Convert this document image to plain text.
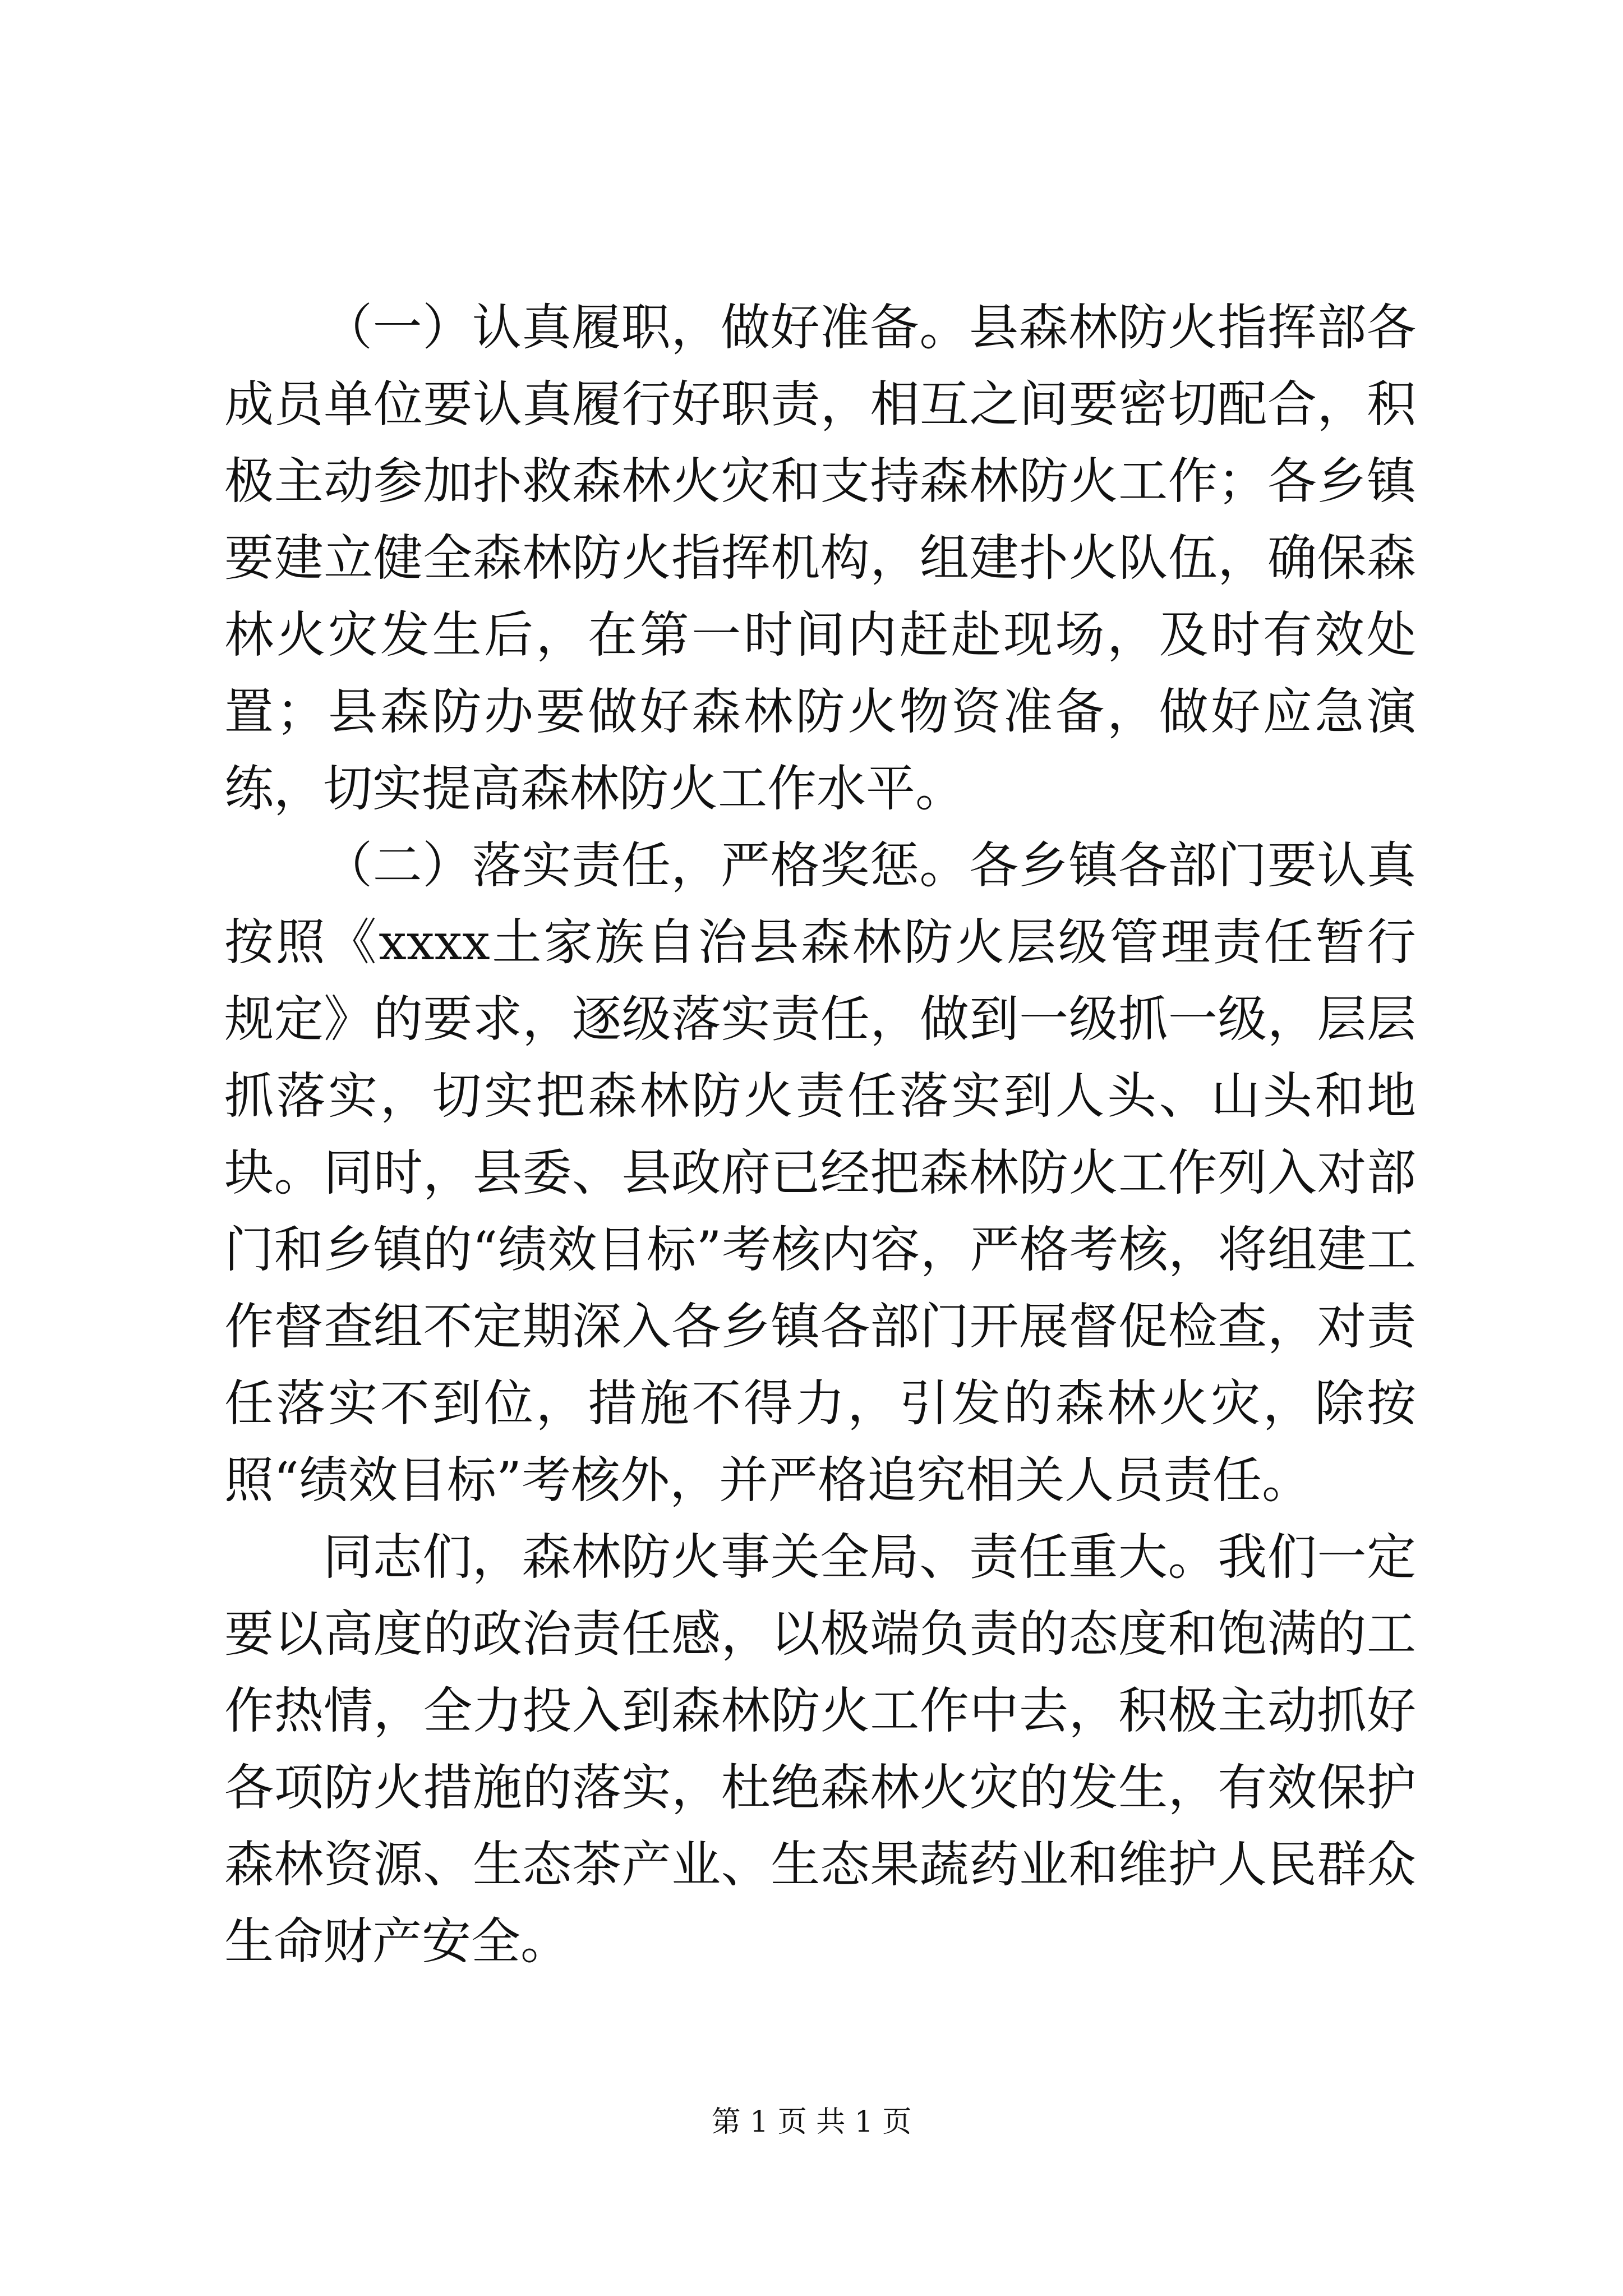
（一）认真履职，做好准备。县森林防火指挥部各成员单位要认真履行好职责，相互之间要密切配合，积极主动参加扑救森林火灾和支持森林防火工作；各乡镇要建立健全森林防火指挥机构，组建扑火队伍，确保森林火灾发生后，在第一时间内赶赴现场，及时有效处置；县森防办要做好森林防火物资准备，做好应急演练，切实提高森林防火工作水平。

（二）落实责任，严格奖惩。各乡镇各部门要认真按照《xxxx土家族自治县森林防火层级管理责任暂行规定》的要求，逐级落实责任，做到一级抓一级，层层抓落实，切实把森林防火责任落实到人头、山头和地块。同时，县委、县政府已经把森林防火工作列入对部门和乡镇的“绩效目标”考核内容，严格考核，将组建工作督查组不定期深入各乡镇各部门开展督促检查，对责任落实不到位，措施不得力，引发的森林火灾，除按照“绩效目标”考核外，并严格追究相关人员责任。

同志们，森林防火事关全局、责任重大。我们一定要以高度的政治责任感，以极端负责的态度和饱满的工作热情，全力投入到森林防火工作中去，积极主动抓好各项防火措施的落实，杜绝森林火灾的发生，有效保护森林资源、生态茶产业、生态果蔬药业和维护人民群众生命财产安全。

第 1 页 共 1 页
